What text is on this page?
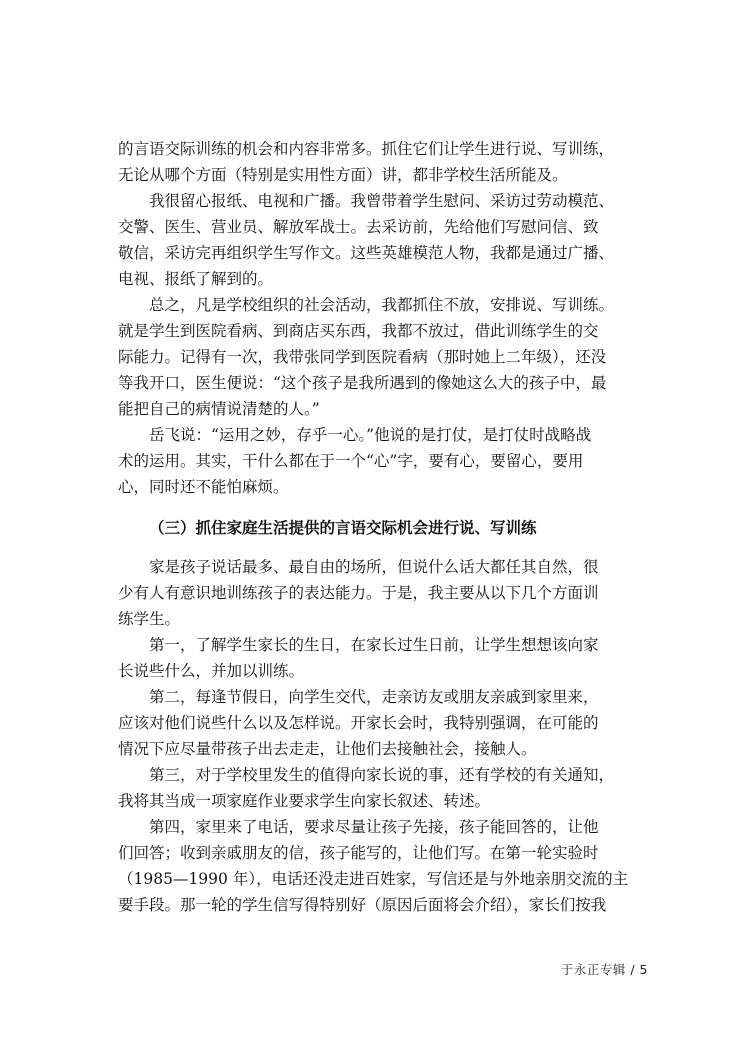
的言语交际训练的机会和内容非常多。抓住它们让学生进行说、写训练，
无论从哪个方面（特别是实用性方面）讲，都非学校生活所能及。
我很留心报纸、电视和广播。我曾带着学生慰问、采访过劳动模范、
交警、医生、营业员、解放军战士。去采访前，先给他们写慰问信、致
敬信，采访完再组织学生写作文。这些英雄模范人物，我都是通过广播、
电视、报纸了解到的。
总之，凡是学校组织的社会活动，我都抓住不放，安排说、写训练。
就是学生到医院看病、到商店买东西，我都不放过，借此训练学生的交
际能力。记得有一次，我带张同学到医院看病（那时她上二年级），还没
等我开口，医生便说：“这个孩子是我所遇到的像她这么大的孩子中，最
能把自己的病情说清楚的人。”
岳飞说：“运用之妙，存乎一心。”他说的是打仗，是打仗时战略战
术的运用。其实，干什么都在于一个“心”字，要有心，要留心，要用
心，同时还不能怕麻烦。
（三）抓住家庭生活提供的言语交际机会进行说、写训练
家是孩子说话最多、最自由的场所，但说什么话大都任其自然，很
少有人有意识地训练孩子的表达能力。于是，我主要从以下几个方面训
练学生。
第一，了解学生家长的生日，在家长过生日前，让学生想想该向家
长说些什么，并加以训练。
第二，每逢节假日，向学生交代，走亲访友或朋友亲戚到家里来，
应该对他们说些什么以及怎样说。开家长会时，我特别强调，在可能的
情况下应尽量带孩子出去走走，让他们去接触社会，接触人。
第三，对于学校里发生的值得向家长说的事，还有学校的有关通知，
我将其当成一项家庭作业要求学生向家长叙述、转述。
第四，家里来了电话，要求尽量让孩子先接，孩子能回答的，让他
们回答；收到亲戚朋友的信，孩子能写的，让他们写。在第一轮实验时
（1985—1990 年），电话还没走进百姓家，写信还是与外地亲朋交流的主
要手段。那一轮的学生信写得特别好（原因后面将会介绍），家长们按我
于永正专辑 / 5
